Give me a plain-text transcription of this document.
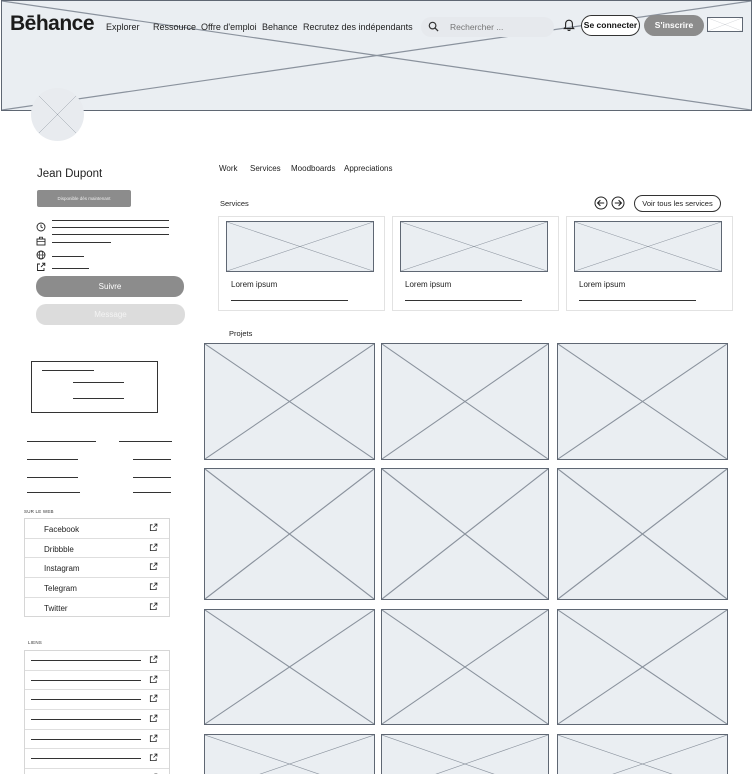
Bēhance Explorer Ressource Offre d'emploi Behance Recrutez des indépendants
Rechercher ...	Se connecter	S'inscrire
Jean Dupont
Disponible dès maintenant
Suivre
Message
SUR LE WEB
Facebook
Dribbble
Instagram
Telegram
Twitter
LIENS
Work Services Moodboards Appreciations
Services	Voir tous les services
Lorem ipsum	Lorem ipsum	Lorem ipsum
Projets
